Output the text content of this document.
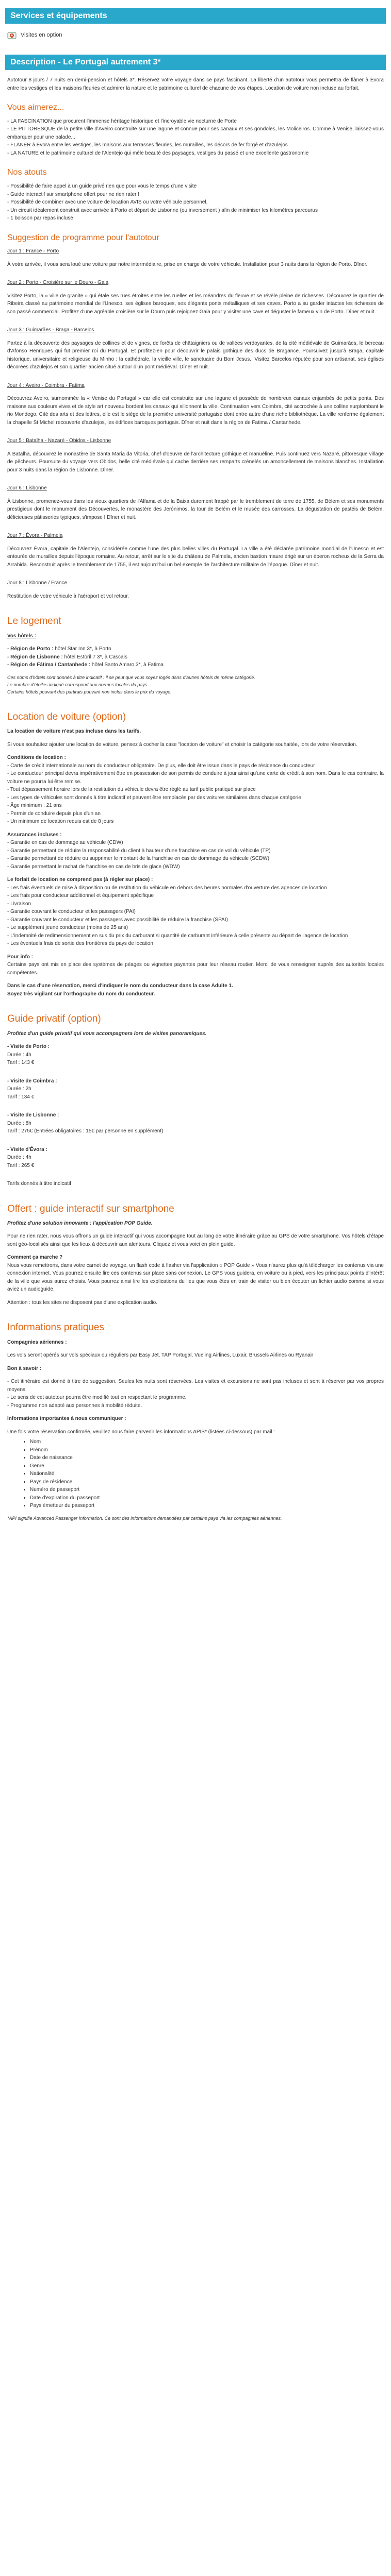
Services et équipements
Visites en option
Description - Le Portugal autrement 3*

Autotour 8 jours / 7 nuits en demi-pension et hôtels 3*. Réservez votre voyage dans ce pays fascinant. La liberté d'un autotour vous permettra de flâner à Évora entre les vestiges et les maisons fleuries et admirer la nature et le patrimoine culturel de chacune de vos étapes. Location de voiture non incluse au forfait.

Vous aimerez...

- LA FASCINATION que procurent l'immense héritage historique et l'incroyable vie nocturne de Porte

- LE PITTORESQUE de la petite ville d'Aveiro construite sur une lagune et connue pour ses canaux et ses gondoles, les Moliceiros. Comme à Venise, laissez-vous embarquer pour une balade...

- FLANER à Évora entre les vestiges, les maisons aux terrasses fleuries, les murailles, les décors de fer forgé et d'azulejos

- LA NATURE et le patrimoine culturel de l'Alentejo qui mêle beauté des paysages, vestiges du passé et une excellente gastronomie

Nos atouts

- Possibilité de faire appel à un guide privé rien que pour vous le temps d'une visite

- Guide interactif sur smartphone offert pour ne rien rater !

- Possibilité de combiner avec une voiture de location AVIS ou votre véhicule personnel.

- Un circuit idéalement construit avec arrivée à Porto et départ de Lisbonne (ou inversement ) afin de minimiser les kilomètres parcourus

- 1 boisson par repas incluse

Suggestion de programme pour l'autotour

Jour 1 : France - Porto

À votre arrivée, il vous sera loué une voiture par notre intermédiaire, prise en charge de votre véhicule. Installation pour 3 nuits dans la région de Porto. Dîner.

Jour 2 : Porto - Croisière sur le Douro - Gaia

Visitez Porto, la « ville de granite » qui étale ses rues étroites entre les ruelles et les méandres du fleuve et se révèle pleine de richesses. Découvrez le quartier de Ribeira classé au patrimoine mondial de l'Unesco, ses églises baroques, ses élégants ponts métalliques et ses caves. Porto a su garder intactes les richesses de son passé commercial. Profitez d'une agréable croisière sur le Douro puis rejoignez Gaia pour y visiter une cave et déguster le fameux vin de Porto. Dîner et nuit.

Jour 3 : Guimarães - Braga - Barcelos

Partez à la découverte des paysages de collines et de vignes, de forêts de châtaigniers ou de vallées verdoyantes, de la cité médiévale de Guimarães, le berceau d'Afonso Henriques qui fut premier roi du Portugal. Et profitez-en pour découvrir le palais gothique des ducs de Bragance. Poursuivez jusqu'à Braga, capitale historique, universitaire et religieuse du Minho : la cathédrale, la vieille ville, le sanctuaire du Bom Jesus.. Visitez Barcelos réputée pour son artisanat, ses églises décorées d'azulejos et son quartier ancien situé autour d'un pont médiéval. Dîner et nuit.

Jour 4 : Aveiro - Coimbra - Fatima

Découvrez Aveiro, surnommée la « Venise du Portugal » car elle est construite sur une lagune et possède de nombreux canaux enjambés de petits ponts. Des maisons aux couleurs vives et de style art nouveau bordent les canaux qui sillonnent la ville. Continuation vers Coimbra, cité accrochée à une colline surplombant le rio Mondego. Cité des arts et des lettres, elle est le siège de la première université portugaise dont entre autre d'une riche bibliothèque. La ville renferme également la chapelle St Michel recouverte d'azulejos, les édifices baroques portugais. Dîner et nuit dans la région de Fatima / Cantanhede.

Jour 5 : Batalha - Nazaré - Obidos - Lisbonne

À Batalha, découvrez le monastère de Santa Maria da Vitoria, chef-d'oeuvre de l'architecture gothique et manuéline. Puis continuez vers Nazaré, pittoresque village de pêcheurs. Poursuite du voyage vers Obidos, belle cité médiévale qui cache derrière ses remparts crénelés un amoncellement de maisons blanches. Installation pour 3 nuits dans la région de Lisbonne. Dîner.

Jour 6 : Lisbonne

À Lisbonne, promenez-vous dans les vieux quartiers de l'Alfama et de la Baixa durement frappé par le tremblement de terre de 1755, de Bélem et ses monuments prestigieux dont le monument des Découvertes, le monastère des Jerónimos, la tour de Belém et le musée des carrosses. La dégustation de pastéis de Belém, délicieuses pâtisseries typiques, s'impose ! Dîner et nuit.

Jour 7 : Évora - Palmela

Découvrez Évora, capitale de l'Alentejo, considérée comme l'une des plus belles villes du Portugal. La ville a été déclarée patrimoine mondial de l'Unesco et est entourée de murailles depuis l'époque romaine. Au retour, arrêt sur le site du château de Palmela, ancien bastion maure érigé sur un éperon rocheux de la Serra da Arrabida. Reconstruit après le tremblement de 1755, il est aujourd'hui un bel exemple de l'architecture militaire de l'époque. Dîner et nuit.

Jour 8 : Lisbonne / France

Restitution de votre véhicule à l'aéroport et vol retour.

Le logement

Vos hôtels :

- Région de Porto : hôtel Star Inn 3*, à Porto

- Région de Lisbonne : hôtel Estoril 7 3*, à Cascais

- Région de Fátima / Cantanhede : hôtel Santo Amaro 3*, à Fatima

Ces noms d'hôtels sont donnés à titre indicatif : il se peut que vous soyez logés dans d'autres hôtels de même catégorie.

Le nombre d'étoiles indiqué correspond aux normes locales du pays.

Certains hôtels pouvant des partirais pouvant non inclus dans le prix du voyage.

Location de voiture (option)

La location de voiture n'est pas incluse dans les tarifs.

Si vous souhaitez ajouter une location de voiture, pensez à cocher la case "location de voiture" et choisir la catégorie souhaitée, lors de votre réservation.

Conditions de location :

- Carte de crédit internationale au nom du conducteur obligatoire. De plus, elle doit être issue dans le pays de résidence du conducteur

- Le conducteur principal devra impérativement être en possession de son permis de conduire à jour ainsi qu'une carte de crédit à son nom. Dans le cas contraire, la voiture ne pourra lui être remise.

- Tout dépassement horaire lors de la restitution du véhicule devra être réglé au tarif public pratiqué sur place

- Les types de véhicules sont donnés à titre indicatif et peuvent être remplacés par des voitures similaires dans chaque catégorie

- Âge minimum : 21 ans

- Permis de conduire depuis plus d'un an

- Un minimum de location requis est de 8 jours

Assurances incluses :

- Garantie en cas de dommage au véhicule (CDW)

- Garantie permettant de réduire la responsabilité du client à hauteur d'une franchise en cas de vol du véhicule (TP)

- Garantie permettant de réduire ou supprimer le montant de la franchise en cas de dommage du véhicule (SCDW)

- Garantie permettant le rachat de franchise en cas de bris de glace (WDW)

Le forfait de location ne comprend pas (à régler sur place) :

- Les frais éventuels de mise à disposition ou de restitution du véhicule en dehors des heures normales d'ouverture des agences de location

- Les frais pour conducteur additionnel et équipement spécifique

- Livraison

- Garantie couvrant le conducteur et les passagers (PAI)

- Garantie couvrant le conducteur et les passagers avec possibilité de réduire la franchise (SPAI)

- Le supplément jeune conducteur (moins de 25 ans)

- L'indemnité de redimensionnement en sus du prix du carburant si quantité de carburant inférieure à celle présente au départ de l'agence de location

- Les éventuels frais de sortie des frontières du pays de location

Pour info :

Certains pays ont mis en place des systèmes de péages ou vignettes payantes pour leur réseau routier. Merci de vous renseigner auprès des autorités locales compétentes.

Dans le cas d'une réservation, merci d'indiquer le nom du conducteur dans la case Adulte 1.

Soyez très vigilant sur l'orthographe du nom du conducteur.

Guide privatif (option)

Profitez d'un guide privatif qui vous accompagnera lors de visites panoramiques.

- Visite de Porto :

Durée : 4h

Tarif : 143 €

- Visite de Coimbra :

Durée : 2h

Tarif : 134 €

- Visite de Lisbonne :

Durée : 8h

Tarif : 275€ (Entrées obligatoires : 15€ par personne en supplément)

- Visite d'Évora :

Durée : 4h

Tarif : 265 €

Tarifs donnés à titre indicatif

Offert : guide interactif sur smartphone

Profitez d'une solution innovante : l'application POP Guide.

Pour ne rien rater, nous vous offrons un guide interactif qui vous accompagne tout au long de votre itinéraire grâce au GPS de votre smartphone. Vos hôtels d'étape sont géo-localisés ainsi que les lieux à découvrir aux alentours. Cliquez et vous voici en plein guide.

Comment ça marche ?

Nous vous remettrons, dans votre carnet de voyage, un flash code à flasher via l'application « POP Guide » Vous n'aurez plus qu'à télécharger les contenus via une connexion internet. Vous pourrez ensuite lire ces contenus sur place sans connexion. Le GPS vous guidera, en voiture ou à pied, vers les principaux points d'intérêt de la ville que vous aurez choisis. Vous pourrez ainsi lire les explications du lieu que vous êtes en train de visiter ou bien écouter un fichier audio comme si vous aviez un audioguide.

Attention : tous les sites ne disposent pas d'une explication audio.

Informations pratiques

Compagnies aériennes :

Les vols seront opérés sur vols spéciaux ou réguliers par Easy Jet, TAP Portugal, Vueling Airlines, Luxair, Brussels Airlines ou Ryanair

Bon à savoir :

- Cet itinéraire est donné à titre de suggestion. Seules les nuits sont réservées. Les visites et excursions ne sont pas incluses et sont à réserver par vos propres moyens.

- Le sens de cet autotour pourra être modifié tout en respectant le programme.

- Programme non adapté aux personnes à mobilité réduite.

Informations importantes à nous communiquer :

Une fois votre réservation confirmée, veuillez nous faire parvenir les informations APIS* (listées ci-dessous) par mail :

• Nom
• Prénom
• Date de naissance
• Genre
• Nationalité
• Pays de résidence
• Numéro de passeport
• Date d'expiration du passeport
• Pays émetteur du passeport

*API signifie Advanced Passenger Information. Ce sont des informations demandées par certains pays via les compagnies aériennes.
